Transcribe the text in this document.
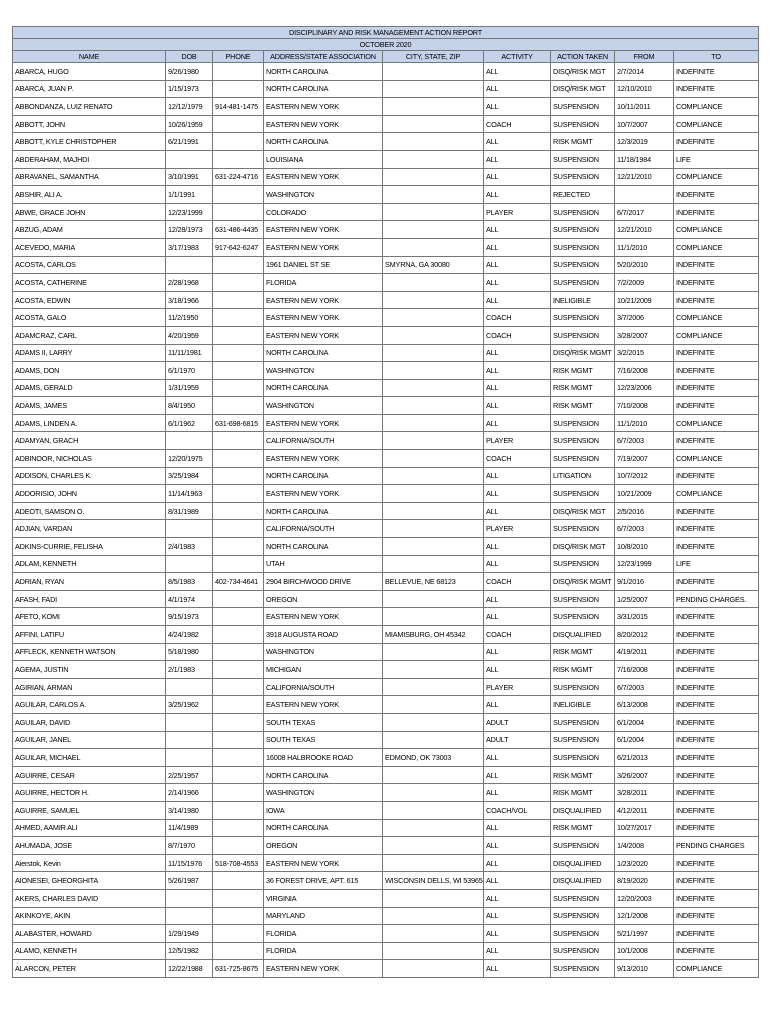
DISCIPLINARY AND RISK MANAGEMENT ACTION REPORT								
OCTOBER 2020								
NAME	DOB	PHONE	ADDRESS/STATE ASSOCIATION	CITY, STATE, ZIP	ACTIVITY	ACTION TAKEN	FROM	TO
ABARCA, HUGO	9/26/1980		NORTH CAROLINA		ALL	DISQ/RISK MGT	2/7/2014	INDEFINITE
ABARCA, JUAN P.	1/15/1973		NORTH CAROLINA		ALL	DISQ/RISK MGT	12/10/2010	INDEFINITE
ABBONDANZA, LUIZ RENATO	12/12/1979	914-481-1475	EASTERN NEW YORK		ALL	SUSPENSION	10/11/2011	COMPLIANCE
ABBOTT, JOHN	10/26/1959		EASTERN NEW YORK		COACH	SUSPENSION	10/7/2007	COMPLIANCE
ABBOTT, KYLE CHRISTOPHER	6/21/1991		NORTH CAROLINA		ALL	RISK MGMT	12/3/2019	INDEFINITE
ABDERAHAM, MAJHDI			LOUISIANA		ALL	SUSPENSION	11/18/1984	LIFE
ABRAVANEL, SAMANTHA	3/10/1991	631-224-4716	EASTERN NEW YORK		ALL	SUSPENSION	12/21/2010	COMPLIANCE
ABSHIR, ALI A.	1/1/1991		WASHINGTON		ALL	REJECTED		INDEFINITE
ABWE, GRACE JOHN	12/23/1999		COLORADO		PLAYER	SUSPENSION	6/7/2017	INDEFINITE
ABZUG, ADAM	12/28/1973	631-486-4435	EASTERN NEW YORK		ALL	SUSPENSION	12/21/2010	COMPLIANCE
ACEVEDO, MARIA	3/17/1983	917-642-6247	EASTERN NEW YORK		ALL	SUSPENSION	11/1/2010	COMPLIANCE
ACOSTA, CARLOS			1961 DANIEL ST SE	SMYRNA, GA 30080	ALL	SUSPENSION	5/20/2010	INDEFINITE
ACOSTA, CATHERINE	2/28/1968		FLORIDA		ALL	SUSPENSION	7/2/2009	INDEFINITE
ACOSTA, EDWIN	3/18/1966		EASTERN NEW YORK		ALL	INELIGIBLE	10/21/2009	INDEFINITE
ACOSTA, GALO	11/2/1950		EASTERN NEW YORK		COACH	SUSPENSION	3/7/2006	COMPLIANCE
ADAMCRAZ, CARL	4/20/1959		EASTERN NEW YORK		COACH	SUSPENSION	3/28/2007	COMPLIANCE
ADAMS II, LARRY	11/11/1981		NORTH CAROLINA		ALL	DISQ/RISK MGMT	3/2/2015	INDEFINITE
ADAMS, DON	6/1/1970		WASHINGTON		ALL	RISK MGMT	7/16/2008	INDEFINITE
ADAMS, GERALD	1/31/1959		NORTH CAROLINA		ALL	RISK MGMT	12/23/2006	INDEFINITE
ADAMS, JAMES	8/4/1950		WASHINGTON		ALL	RISK MGMT	7/10/2008	INDEFINITE
ADAMS, LINDEN A.	6/1/1962	631-698-6815	EASTERN NEW YORK		ALL	SUSPENSION	11/1/2010	COMPLIANCE
ADAMYAN, GRACH			CALIFORNIA/SOUTH		PLAYER	SUSPENSION	6/7/2003	INDEFINITE
ADBINOOR, NICHOLAS	12/20/1975		EASTERN NEW YORK		COACH	SUSPENSION	7/19/2007	COMPLIANCE
ADDISON, CHARLES K.	3/25/1984		NORTH CAROLINA		ALL	LITIGATION	10/7/2012	INDEFINITE
ADDORISIO, JOHN	11/14/1963		EASTERN NEW YORK		ALL	SUSPENSION	10/21/2009	COMPLIANCE
ADEOTI, SAMSON O.	8/31/1989		NORTH CAROLINA		ALL	DISQ/RISK MGT	2/5/2016	INDEFINITE
ADJIAN, VARDAN			CALIFORNIA/SOUTH		PLAYER	SUSPENSION	6/7/2003	INDEFINITE
ADKINS-CURRIE, FELISHA	2/4/1983		NORTH CAROLINA		ALL	DISQ/RISK MGT	10/8/2010	INDEFINITE
ADLAM, KENNETH			UTAH		ALL	SUSPENSION	12/23/1999	LIFE
ADRIAN, RYAN	8/5/1983	402-734-4641	2904 BIRCHWOOD DRIVE	BELLEVUE, NE 68123	COACH	DISQ/RISK MGMT	9/1/2016	INDEFINITE
AFASH, FADI	4/1/1974		OREGON		ALL	SUSPENSION	1/25/2007	PENDING CHARGES.
AFETO, KOMI	9/15/1973		EASTERN NEW YORK		ALL	SUSPENSION	3/31/2015	INDEFINITE
AFFINI, LATIFU	4/24/1982		3918 AUGUSTA ROAD	MIAMISBURG, OH 45342	COACH	DISQUALIFIED	8/20/2012	INDEFINITE
AFFLECK, KENNETH WATSON	5/18/1980		WASHINGTON		ALL	RISK MGMT	4/19/2011	INDEFINITE
AGEMA, JUSTIN	2/1/1983		MICHIGAN		ALL	RISK MGMT	7/16/2008	INDEFINITE
AGIRIAN, ARMAN			CALIFORNIA/SOUTH		PLAYER	SUSPENSION	6/7/2003	INDEFINITE
AGUILAR, CARLOS A.	3/25/1962		EASTERN NEW YORK		ALL	INELIGIBLE	6/13/2008	INDEFINITE
AGUILAR, DAVID			SOUTH TEXAS		ADULT	SUSPENSION	6/1/2004	INDEFINITE
AGUILAR, JANEL			SOUTH TEXAS		ADULT	SUSPENSION	6/1/2004	INDEFINITE
AGUILAR, MICHAEL			16008 HALBROOKE ROAD	EDMOND, OK 73003	ALL	SUSPENSION	6/21/2013	INDEFINITE
AGUIRRE, CESAR	2/25/1957		NORTH CAROLINA		ALL	RISK MGMT	3/26/2007	INDEFINITE
AGUIRRE, HECTOR H.	2/14/1966		WASHINGTON		ALL	RISK MGMT	3/28/2011	INDEFINITE
AGUIRRE, SAMUEL	3/14/1980		IOWA		COACH/VOL	DISQUALIFIED	4/12/2011	INDEFINITE
AHMED, AAMIR ALI	11/4/1989		NORTH CAROLINA		ALL	RISK MGMT	10/27/2017	INDEFINITE
AHUMADA, JOSE	8/7/1970		OREGON		ALL	SUSPENSION	1/4/2008	PENDING CHARGES
Aierstok, Kevin	11/15/1976	518-708-4553	EASTERN NEW YORK		ALL	DISQUALIFIED	1/23/2020	INDEFINITE
AIONESEI, GHEORGHITA	5/26/1987		36 FOREST DRIVE, APT. 615	WISCONSIN DELLS, WI 53965	ALL	DISQUALIFIED	8/19/2020	INDEFINITE
AKERS, CHARLES DAVID			VIRGINIA		ALL	SUSPENSION	12/20/2003	INDEFINITE
AKINKOYE, AKIN			MARYLAND		ALL	SUSPENSION	12/1/2008	INDEFINITE
ALABASTER, HOWARD	1/29/1949		FLORIDA		ALL	SUSPENSION	5/21/1997	INDEFINITE
ALAMO, KENNETH	12/5/1982		FLORIDA		ALL	SUSPENSION	10/1/2008	INDEFINITE
ALARCON, PETER	12/22/1988	631-725-8675	EASTERN NEW YORK		ALL	SUSPENSION	9/13/2010	COMPLIANCE
